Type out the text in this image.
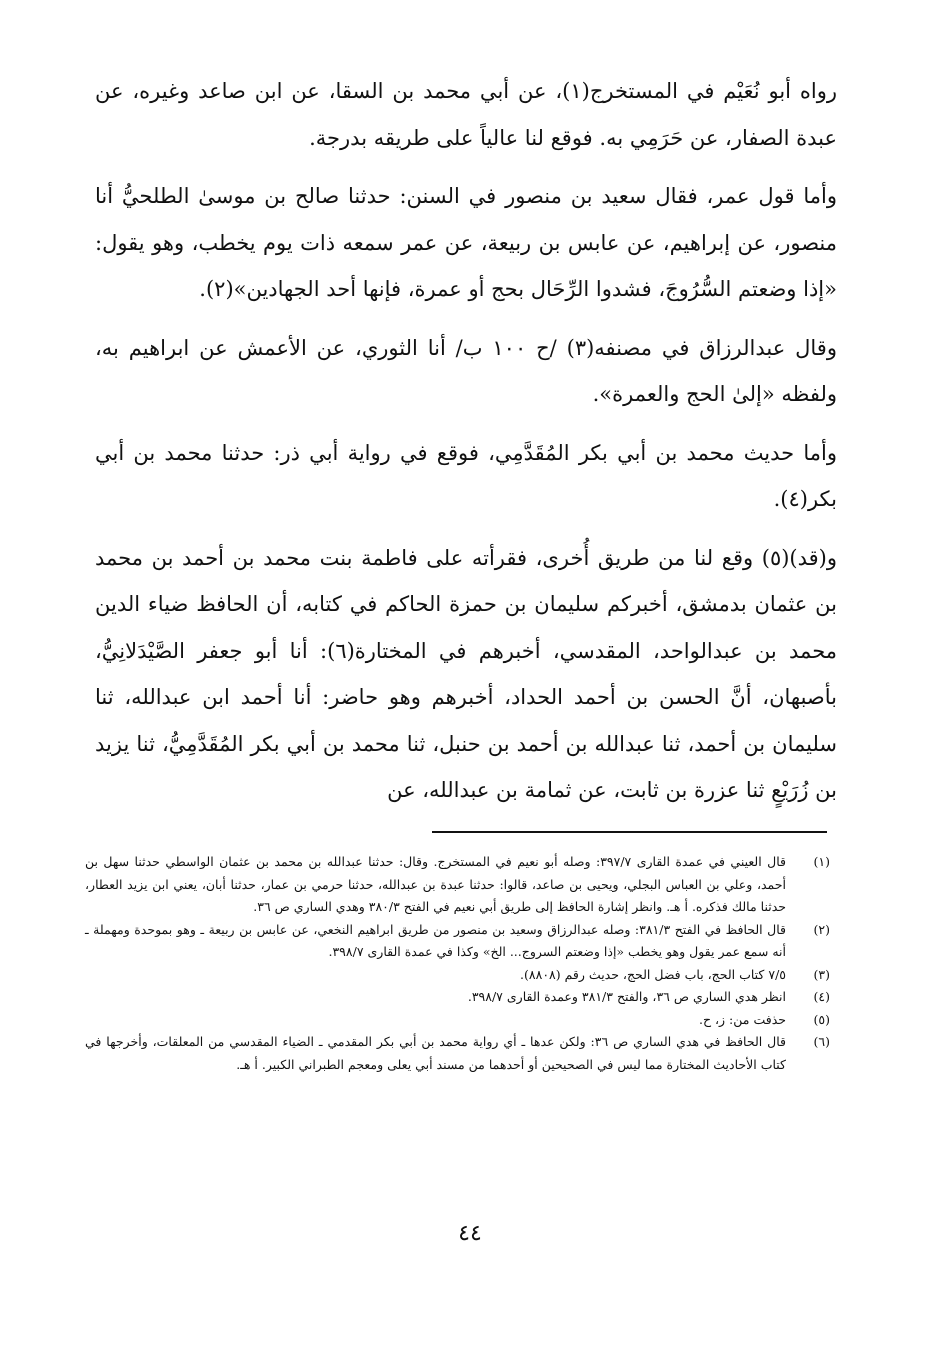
رواه أبو نُعَيْم في المستخرج(١)، عن أبي محمد بن السقا، عن ابن صاعد وغيره، عن عبدة الصفار، عن حَرَمِي به. فوقع لنا عالياً على طريقه بدرجة.

وأما قول عمر، فقال سعيد بن منصور في السنن: حدثنا صالح بن موسىٰ الطلحيُّ أنا منصور، عن إبراهيم، عن عابس بن ربيعة، عن عمر سمعه ذات يوم يخطب، وهو يقول: «إذا وضعتم السُّرُوجَ، فشدوا الرِّحَال بحج أو عمرة، فإنها أحد الجهادين»(٢).

وقال عبدالرزاق في مصنفه(٣) /ح ١٠٠ ب/ أنا الثوري، عن الأعمش عن ابراهيم به، ولفظه «إلىٰ الحج والعمرة».

وأما حديث محمد بن أبي بكر المُقَدَّمِي، فوقع في رواية أبي ذر: حدثنا محمد بن أبي بكر(٤).

و(قد)(٥) وقع لنا من طريق أُخرى، فقرأته على فاطمة بنت محمد بن أحمد بن محمد بن عثمان بدمشق، أخبركم سليمان بن حمزة الحاكم في كتابه، أن الحافظ ضياء الدين محمد بن عبدالواحد، المقدسي، أخبرهم في المختارة(٦): أنا أبو جعفر الصَّيْدَلانِيُّ، بأصبهان، أنَّ الحسن بن أحمد الحداد، أخبرهم وهو حاضر: أنا أحمد ابن عبدالله، ثنا سليمان بن أحمد، ثنا عبدالله بن أحمد بن حنبل، ثنا محمد بن أبي بكر المُقَدَّمِيُّ، ثنا يزيد بن زُرَيْعٍ ثنا عزرة بن ثابت، عن ثمامة بن عبدالله، عن

(١)
قال العيني في عمدة القارى ٣٩٧/٧: وصله أبو نعيم في المستخرج. وقال: حدثنا عبدالله بن محمد بن عثمان الواسطي حدثنا سهل بن أحمد، وعلي بن العباس البجلي، ويحيى بن صاعد، قالوا: حدثنا عبدة بن عبدالله، حدثنا حرمي بن عمار، حدثنا أبان، يعني ابن يزيد العطار، حدثنا مالك فذكره. أ هـ. وانظر إشارة الحافظ إلى طريق أبي نعيم في الفتح ٣٨٠/٣ وهدي الساري ص ٣٦.
(٢)
قال الحافظ في الفتح ٣٨١/٣: وصله عبدالرزاق وسعيد بن منصور من طريق ابراهيم النخعي، عن عابس بن ربيعة ـ وهو بموحدة ومهملة ـ أنه سمع عمر يقول وهو يخطب «إذا وضعتم السروج... الخ» وكذا في عمدة القارى ٣٩٨/٧.
(٣)
٧/٥ كتاب الحج، باب فضل الحج، حديث رقم (٨٨٠٨).
(٤)
انظر هدي الساري ص ٣٦، والفتح ٣٨١/٣ وعمدة القارى ٣٩٨/٧.
(٥)
حذفت من: ز، ح.
(٦)
قال الحافظ في هدي الساري ص ٣٦: ولكن عدها ـ أي رواية محمد بن أبي بكر المقدمي ـ الضياء المقدسي من المعلقات، وأخرجها في كتاب الأحاديث المختارة مما ليس في الصحيحين أو أحدهما من مسند أبي يعلى ومعجم الطبراني الكبير. أ هـ.
٤٤
